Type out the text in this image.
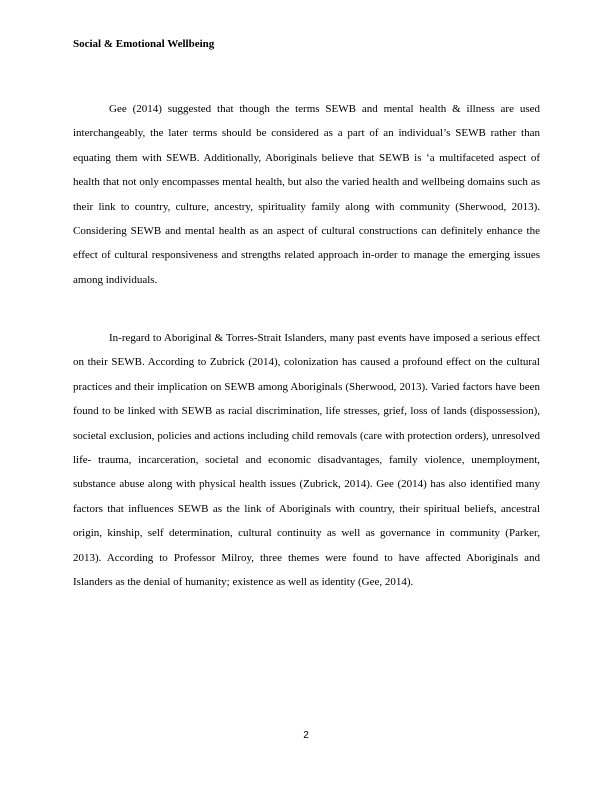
Social & Emotional Wellbeing

Gee (2014) suggested that though the terms SEWB and mental health & illness are used interchangeably, the later terms should be considered as a part of an individual’s SEWB rather than equating them with SEWB. Additionally, Aboriginals believe that SEWB is ‘a multifaceted aspect of health that not only encompasses mental health, but also the varied health and wellbeing domains such as their link to country, culture, ancestry, spirituality family along with community (Sherwood, 2013). Considering SEWB and mental health as an aspect of cultural constructions can definitely enhance the effect of cultural responsiveness and strengths related approach in-order to manage the emerging issues among individuals.

In-regard to Aboriginal & Torres-Strait Islanders, many past events have imposed a serious effect on their SEWB. According to Zubrick (2014), colonization has caused a profound effect on the cultural practices and their implication on SEWB among Aboriginals (Sherwood, 2013). Varied factors have been found to be linked with SEWB as racial discrimination, life stresses, grief, loss of lands (dispossession), societal exclusion, policies and actions including child removals (care with protection orders), unresolved life- trauma, incarceration, societal and economic disadvantages, family violence, unemployment, substance abuse along with physical health issues (Zubrick, 2014). Gee (2014) has also identified many factors that influences SEWB as the link of Aboriginals with country, their spiritual beliefs, ancestral origin, kinship, self determination, cultural continuity as well as governance in community (Parker, 2013). According to Professor Milroy, three themes were found to have affected Aboriginals and Islanders as the denial of humanity; existence as well as identity (Gee, 2014).

2
